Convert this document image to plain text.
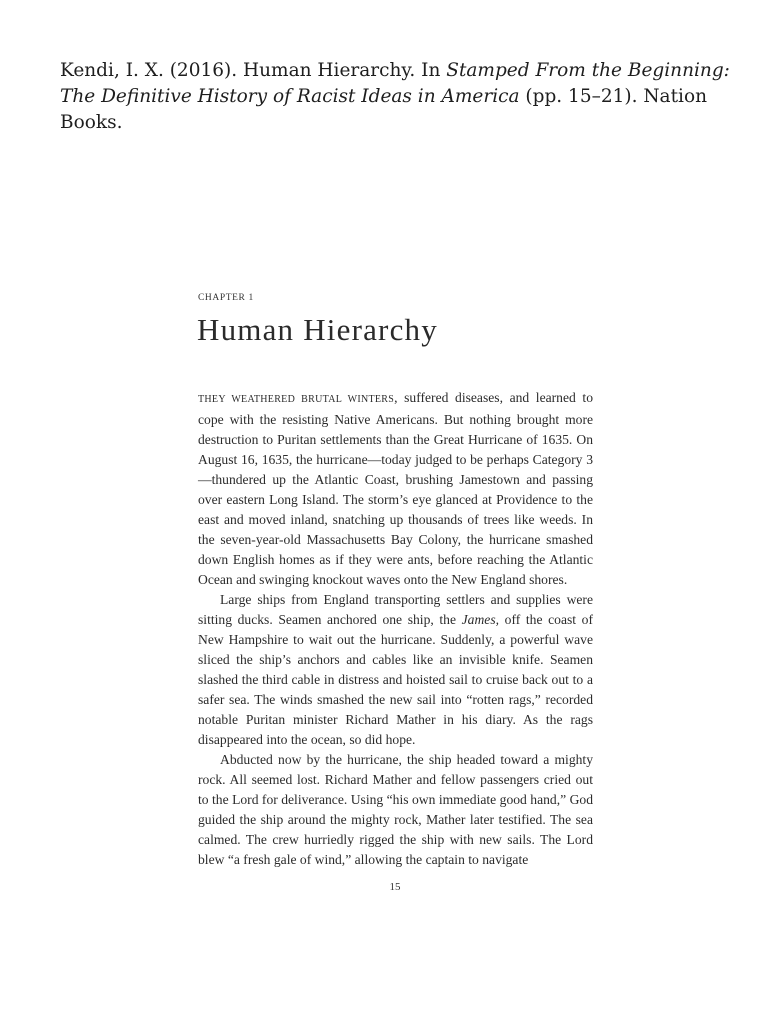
Kendi, I. X. (2016). Human Hierarchy. In Stamped From the Beginning: The Definitive History of Racist Ideas in America (pp. 15–21). Nation Books.
CHAPTER 1
Human Hierarchy

THEY WEATHERED BRUTAL WINTERS, suffered diseases, and learned to cope with the resisting Native Americans. But nothing brought more destruction to Puritan settlements than the Great Hurricane of 1635. On August 16, 1635, the hurricane—today judged to be perhaps Category 3—thundered up the Atlantic Coast, brushing Jamestown and passing over eastern Long Island. The storm’s eye glanced at Providence to the east and moved inland, snatching up thousands of trees like weeds. In the seven-year-old Massachusetts Bay Colony, the hurricane smashed down English homes as if they were ants, before reaching the Atlantic Ocean and swinging knockout waves onto the New England shores.

Large ships from England transporting settlers and supplies were sitting ducks. Seamen anchored one ship, the James, off the coast of New Hampshire to wait out the hurricane. Suddenly, a powerful wave sliced the ship’s anchors and cables like an invisible knife. Seamen slashed the third cable in distress and hoisted sail to cruise back out to a safer sea. The winds smashed the new sail into “rotten rags,” recorded notable Puritan minister Richard Mather in his diary. As the rags disappeared into the ocean, so did hope.

Abducted now by the hurricane, the ship headed toward a mighty rock. All seemed lost. Richard Mather and fellow passengers cried out to the Lord for deliverance. Using “his own immediate good hand,” God guided the ship around the mighty rock, Mather later testified. The sea calmed. The crew hurriedly rigged the ship with new sails. The Lord blew “a fresh gale of wind,” allowing the captain to navigate

15
